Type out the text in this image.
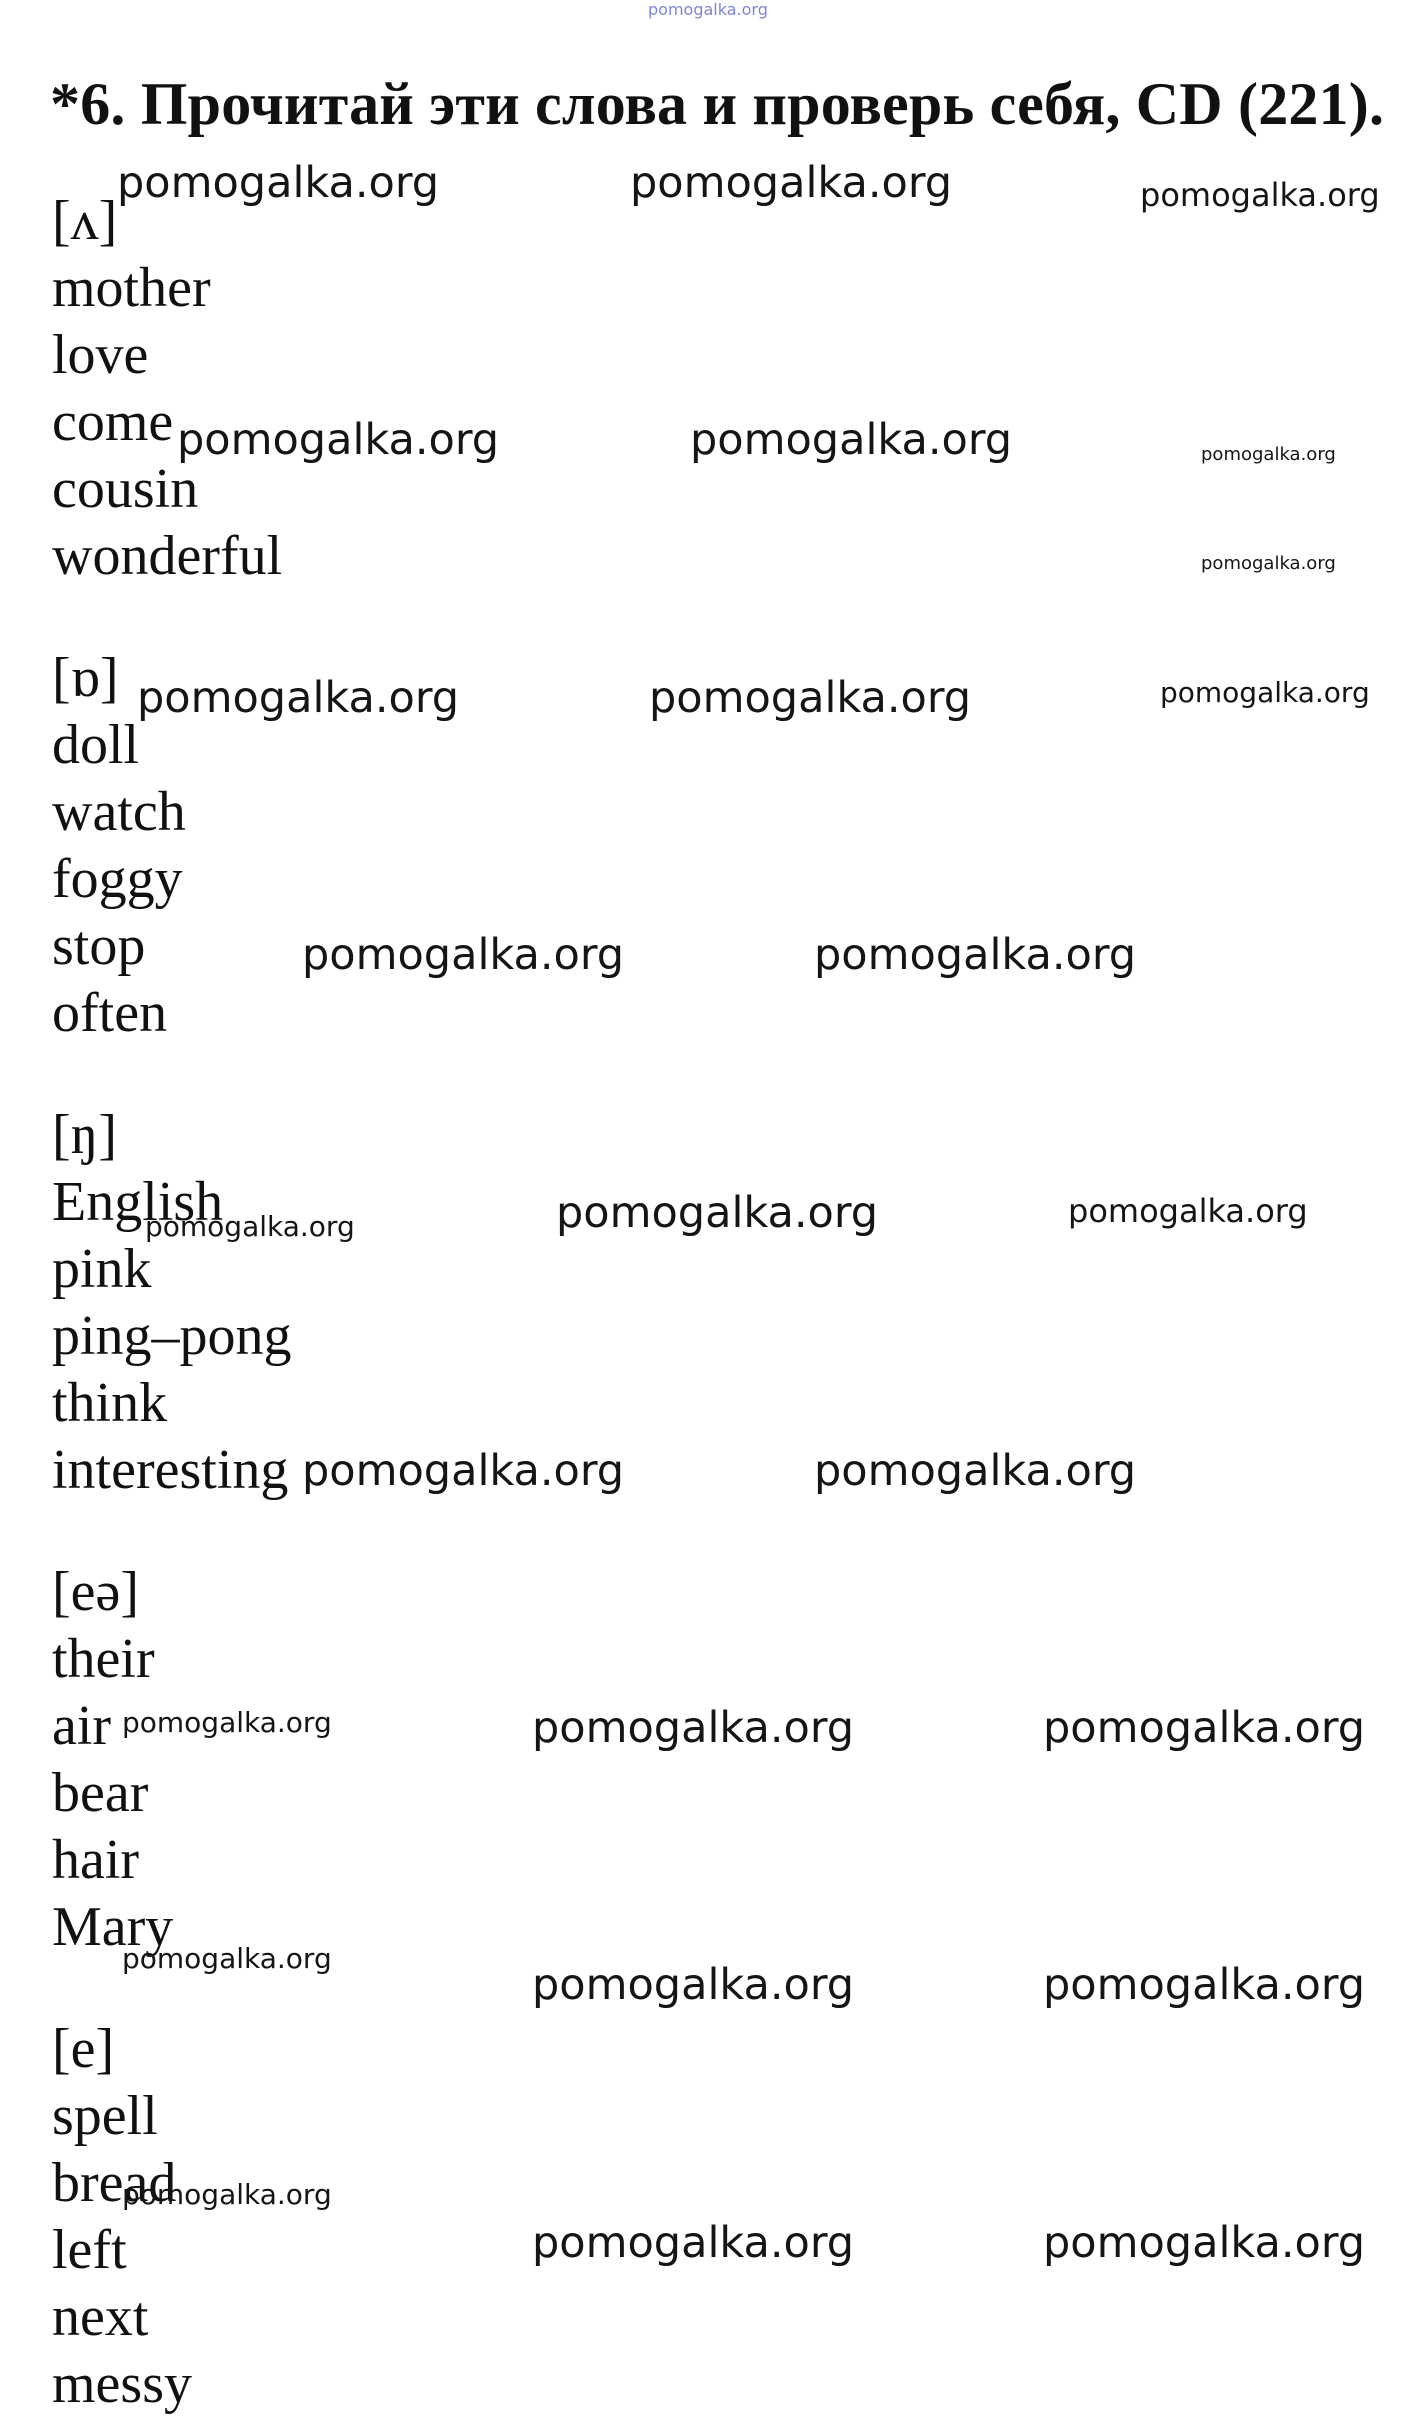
pomogalka.org
*6. Прочитай эти слова и проверь себя, CD (221).
[ʌ]
mother
love
come
cousin
wonderful
[ɒ]
doll
watch
foggy
stop
often
[ŋ]
English
pink
ping–pong
think
interesting
[eə]
their
air
bear
hair
Mary
[e]
spell
bread
left
next
messy
pomogalka.org	pomogalka.org	pomogalka.org
pomogalka.org	pomogalka.org	pomogalka.org
pomogalka.org
pomogalka.org	pomogalka.org	pomogalka.org
pomogalka.org	pomogalka.org
pomogalka.org	pomogalka.org	pomogalka.org
pomogalka.org	pomogalka.org
pomogalka.org	pomogalka.org	pomogalka.org
pomogalka.org
pomogalka.org	pomogalka.org
pomogalka.org
pomogalka.org	pomogalka.org
